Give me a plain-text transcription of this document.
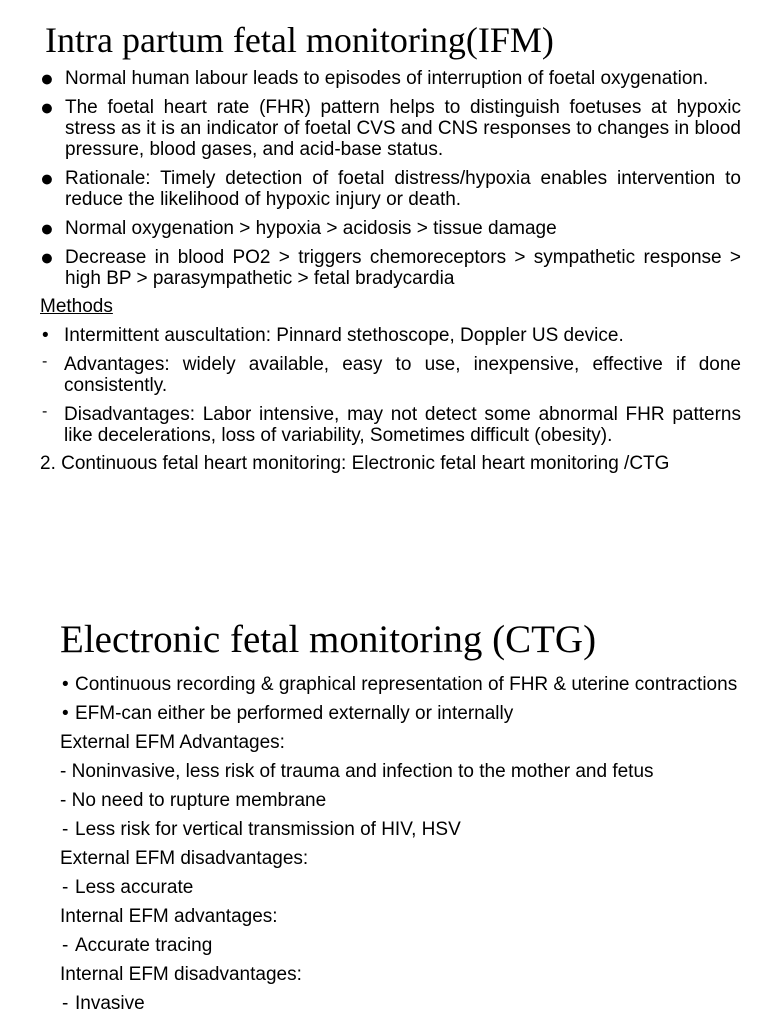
Intra partum fetal monitoring(IFM)
● Normal human labour leads to episodes of interruption of foetal oxygenation.
● The foetal heart rate (FHR) pattern helps to distinguish foetuses at hypoxic stress as it is an indicator of foetal CVS and CNS responses to changes in blood pressure, blood gases, and acid-base status.
● Rationale: Timely detection of foetal distress/hypoxia enables intervention to reduce the likelihood of hypoxic injury or death.
● Normal oxygenation > hypoxia > acidosis > tissue damage
● Decrease in blood PO2 > triggers chemoreceptors > sympathetic response > high BP > parasympathetic > fetal bradycardia
Methods
• Intermittent auscultation: Pinnard stethoscope, Doppler US device.
- Advantages: widely available, easy to use, inexpensive, effective if done consistently.
- Disadvantages: Labor intensive, may not detect some abnormal FHR patterns like decelerations, loss of variability, Sometimes difficult (obesity).
2. Continuous fetal heart monitoring: Electronic fetal heart monitoring /CTG
Electronic fetal monitoring (CTG)
• Continuous recording & graphical representation of FHR & uterine contractions
• EFM-can either be performed externally or internally
External EFM Advantages:
- Noninvasive, less risk of trauma and infection to the mother and fetus
- No need to rupture membrane
- Less risk for vertical transmission of HIV, HSV
External EFM disadvantages:
- Less accurate
Internal EFM advantages:
- Accurate tracing
Internal EFM disadvantages:
- Invasive
